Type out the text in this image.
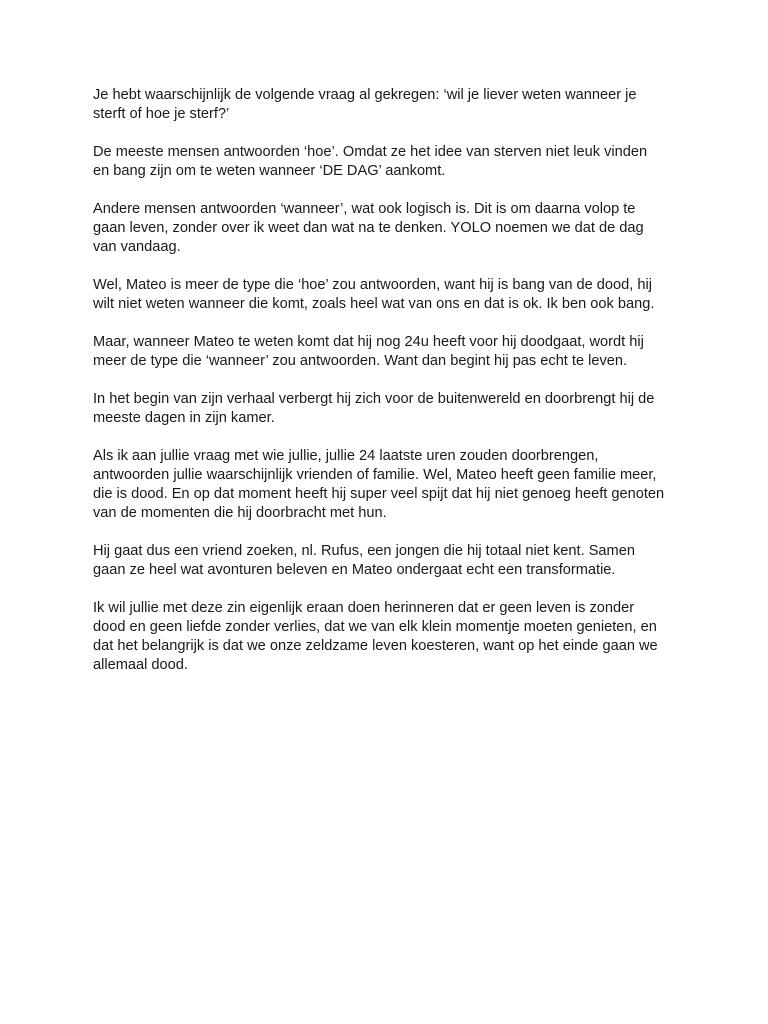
Je hebt waarschijnlijk de volgende vraag al gekregen: ‘wil je liever weten wanneer je
sterft of hoe je sterf?’

De meeste mensen antwoorden ‘hoe’. Omdat ze het idee van sterven niet leuk vinden
en bang zijn om te weten wanneer ‘DE DAG’ aankomt.

Andere mensen antwoorden ‘wanneer’, wat ook logisch is. Dit is om daarna volop te
gaan leven, zonder over ik weet dan wat na te denken. YOLO noemen we dat de dag
van vandaag.

Wel, Mateo is meer de type die ‘hoe’ zou antwoorden, want hij is bang van de dood, hij
wilt niet weten wanneer die komt, zoals heel wat van ons en dat is ok. Ik ben ook bang.

Maar, wanneer Mateo te weten komt dat hij nog 24u heeft voor hij doodgaat, wordt hij
meer de type die ‘wanneer’ zou antwoorden. Want dan begint hij pas echt te leven.

In het begin van zijn verhaal verbergt hij zich voor de buitenwereld en doorbrengt hij de
meeste dagen in zijn kamer.

Als ik aan jullie vraag met wie jullie, jullie 24 laatste uren zouden doorbrengen,
antwoorden jullie waarschijnlijk vrienden of familie. Wel, Mateo heeft geen familie meer,
die is dood. En op dat moment heeft hij super veel spijt dat hij niet genoeg heeft genoten
van de momenten die hij doorbracht met hun.

Hij gaat dus een vriend zoeken, nl. Rufus, een jongen die hij totaal niet kent. Samen
gaan ze heel wat avonturen beleven en Mateo ondergaat echt een transformatie.

Ik wil jullie met deze zin eigenlijk eraan doen herinneren dat er geen leven is zonder
dood en geen liefde zonder verlies, dat we van elk klein momentje moeten genieten, en
dat het belangrijk is dat we onze zeldzame leven koesteren, want op het einde gaan we
allemaal dood.
